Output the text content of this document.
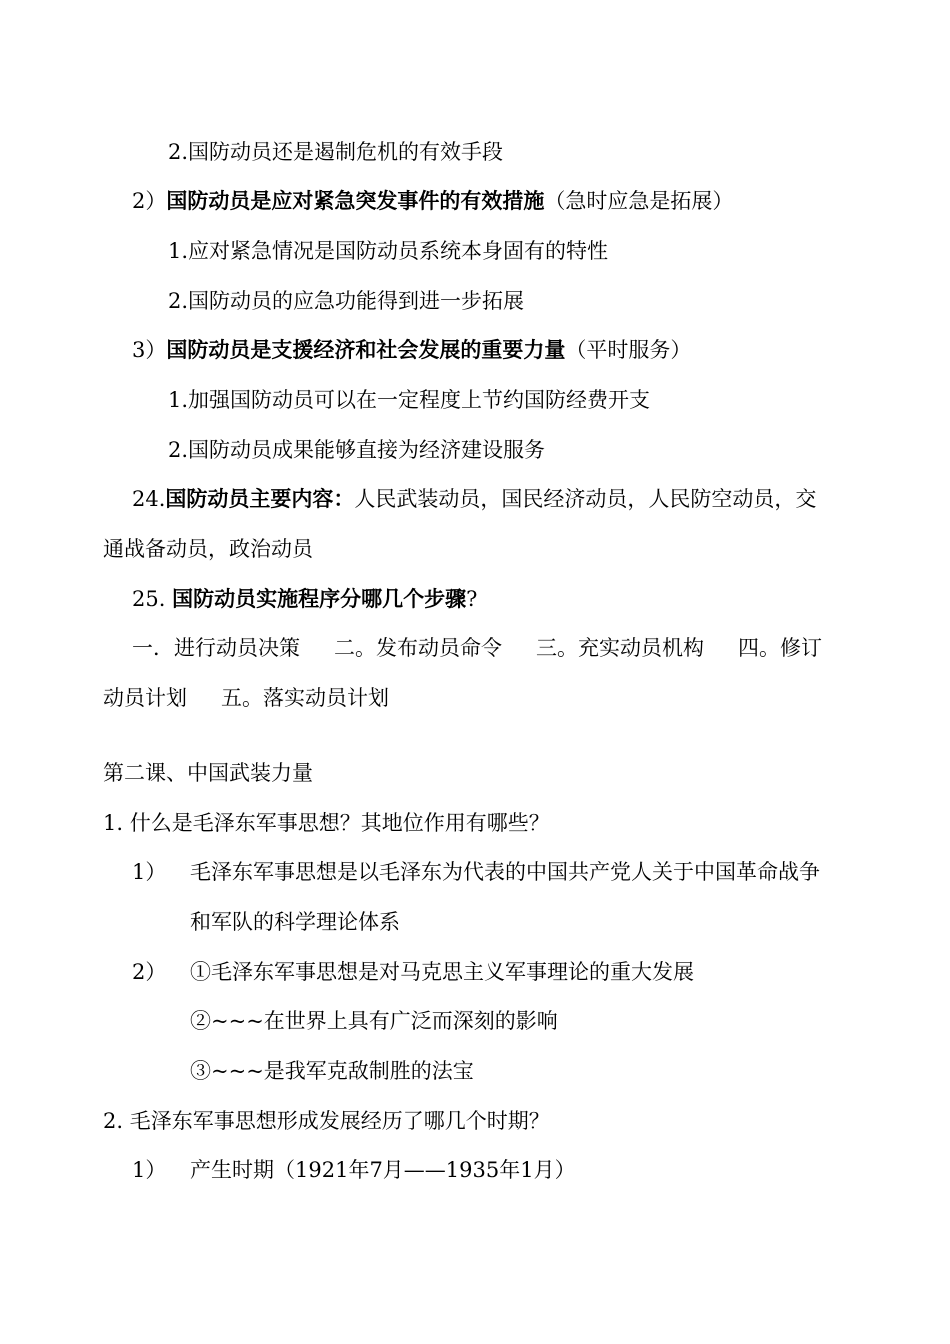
2.国防动员还是遏制危机的有效手段
2）国防动员是应对紧急突发事件的有效措施（急时应急是拓展）
1.应对紧急情况是国防动员系统本身固有的特性
2.国防动员的应急功能得到进一步拓展
3）国防动员是支援经济和社会发展的重要力量（平时服务）
1.加强国防动员可以在一定程度上节约国防经费开支
2.国防动员成果能够直接为经济建设服务
24.国防动员主要内容：人民武装动员，国民经济动员，人民防空动员，交
通战备动员，政治动员
25. 国防动员实施程序分哪几个步骤?
一．进行动员决策 二。发布动员命令 三。充实动员机构 四。修订
动员计划 五。落实动员计划
第二课、中国武装力量
1. 什么是毛泽东军事思想？其地位作用有哪些？
1） 毛泽东军事思想是以毛泽东为代表的中国共产党人关于中国革命战争
和军队的科学理论体系
2） ①毛泽东军事思想是对马克思主义军事理论的重大发展
②~~~在世界上具有广泛而深刻的影响
③~~~是我军克敌制胜的法宝
2. 毛泽东军事思想形成发展经历了哪几个时期？
1） 产生时期（1921年7月——1935年1月）
